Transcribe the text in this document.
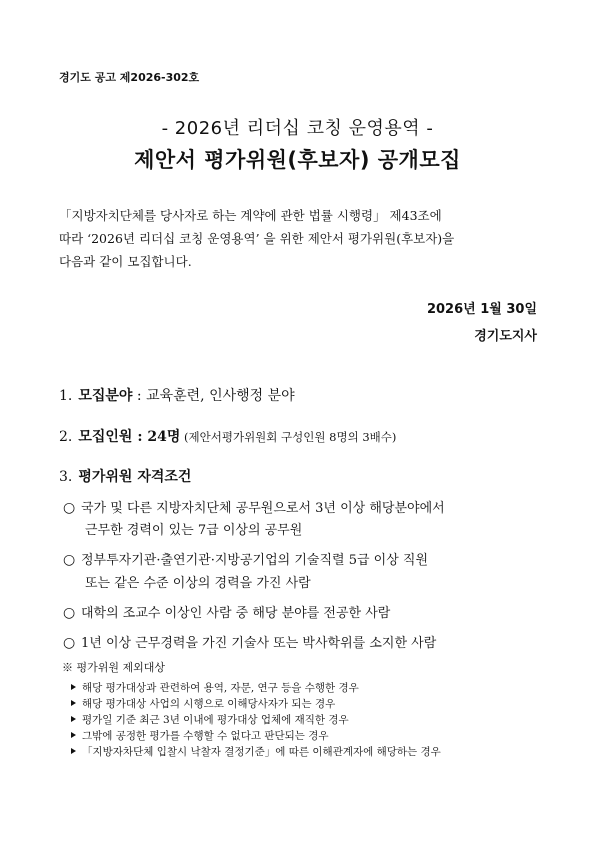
경기도 공고 제2026-302호
- 2026년 리더십 코칭 운영용역 -
제안서 평가위원(후보자) 공개모집

「지방자치단체를 당사자로 하는 계약에 관한 법률 시행령」 제43조에

따라 ‘2026년 리더십 코칭 운영용역’ 을 위한 제안서 평가위원(후보자)을

다음과 같이 모집합니다.

2026년 1월 30일
경기도지사
1. 모집분야 : 교육훈련, 인사행정 분야
2. 모집인원 : 24명 (제안서평가위원회 구성인원 8명의 3배수)
3. 평가위원 자격조건
○ 국가 및 다른 지방자치단체 공무원으로서 3년 이상 해당분야에서
근무한 경력이 있는 7급 이상의 공무원
○ 정부투자기관·출연기관·지방공기업의 기술직렬 5급 이상 직원
또는 같은 수준 이상의 경력을 가진 사람
○ 대학의 조교수 이상인 사람 중 해당 분야를 전공한 사람
○ 1년 이상 근무경력을 가진 기술사 또는 박사학위를 소지한 사람
※ 평가위원 제외대상
해당 평가대상과 관련하여 용역, 자문, 연구 등을 수행한 경우
해당 평가대상 사업의 시행으로 이해당사자가 되는 경우
평가일 기준 최근 3년 이내에 평가대상 업체에 재직한 경우
그밖에 공정한 평가를 수행할 수 없다고 판단되는 경우
「지방자차단체 입찰시 낙찰자 결정기준」에 따른 이해관계자에 해당하는 경우
